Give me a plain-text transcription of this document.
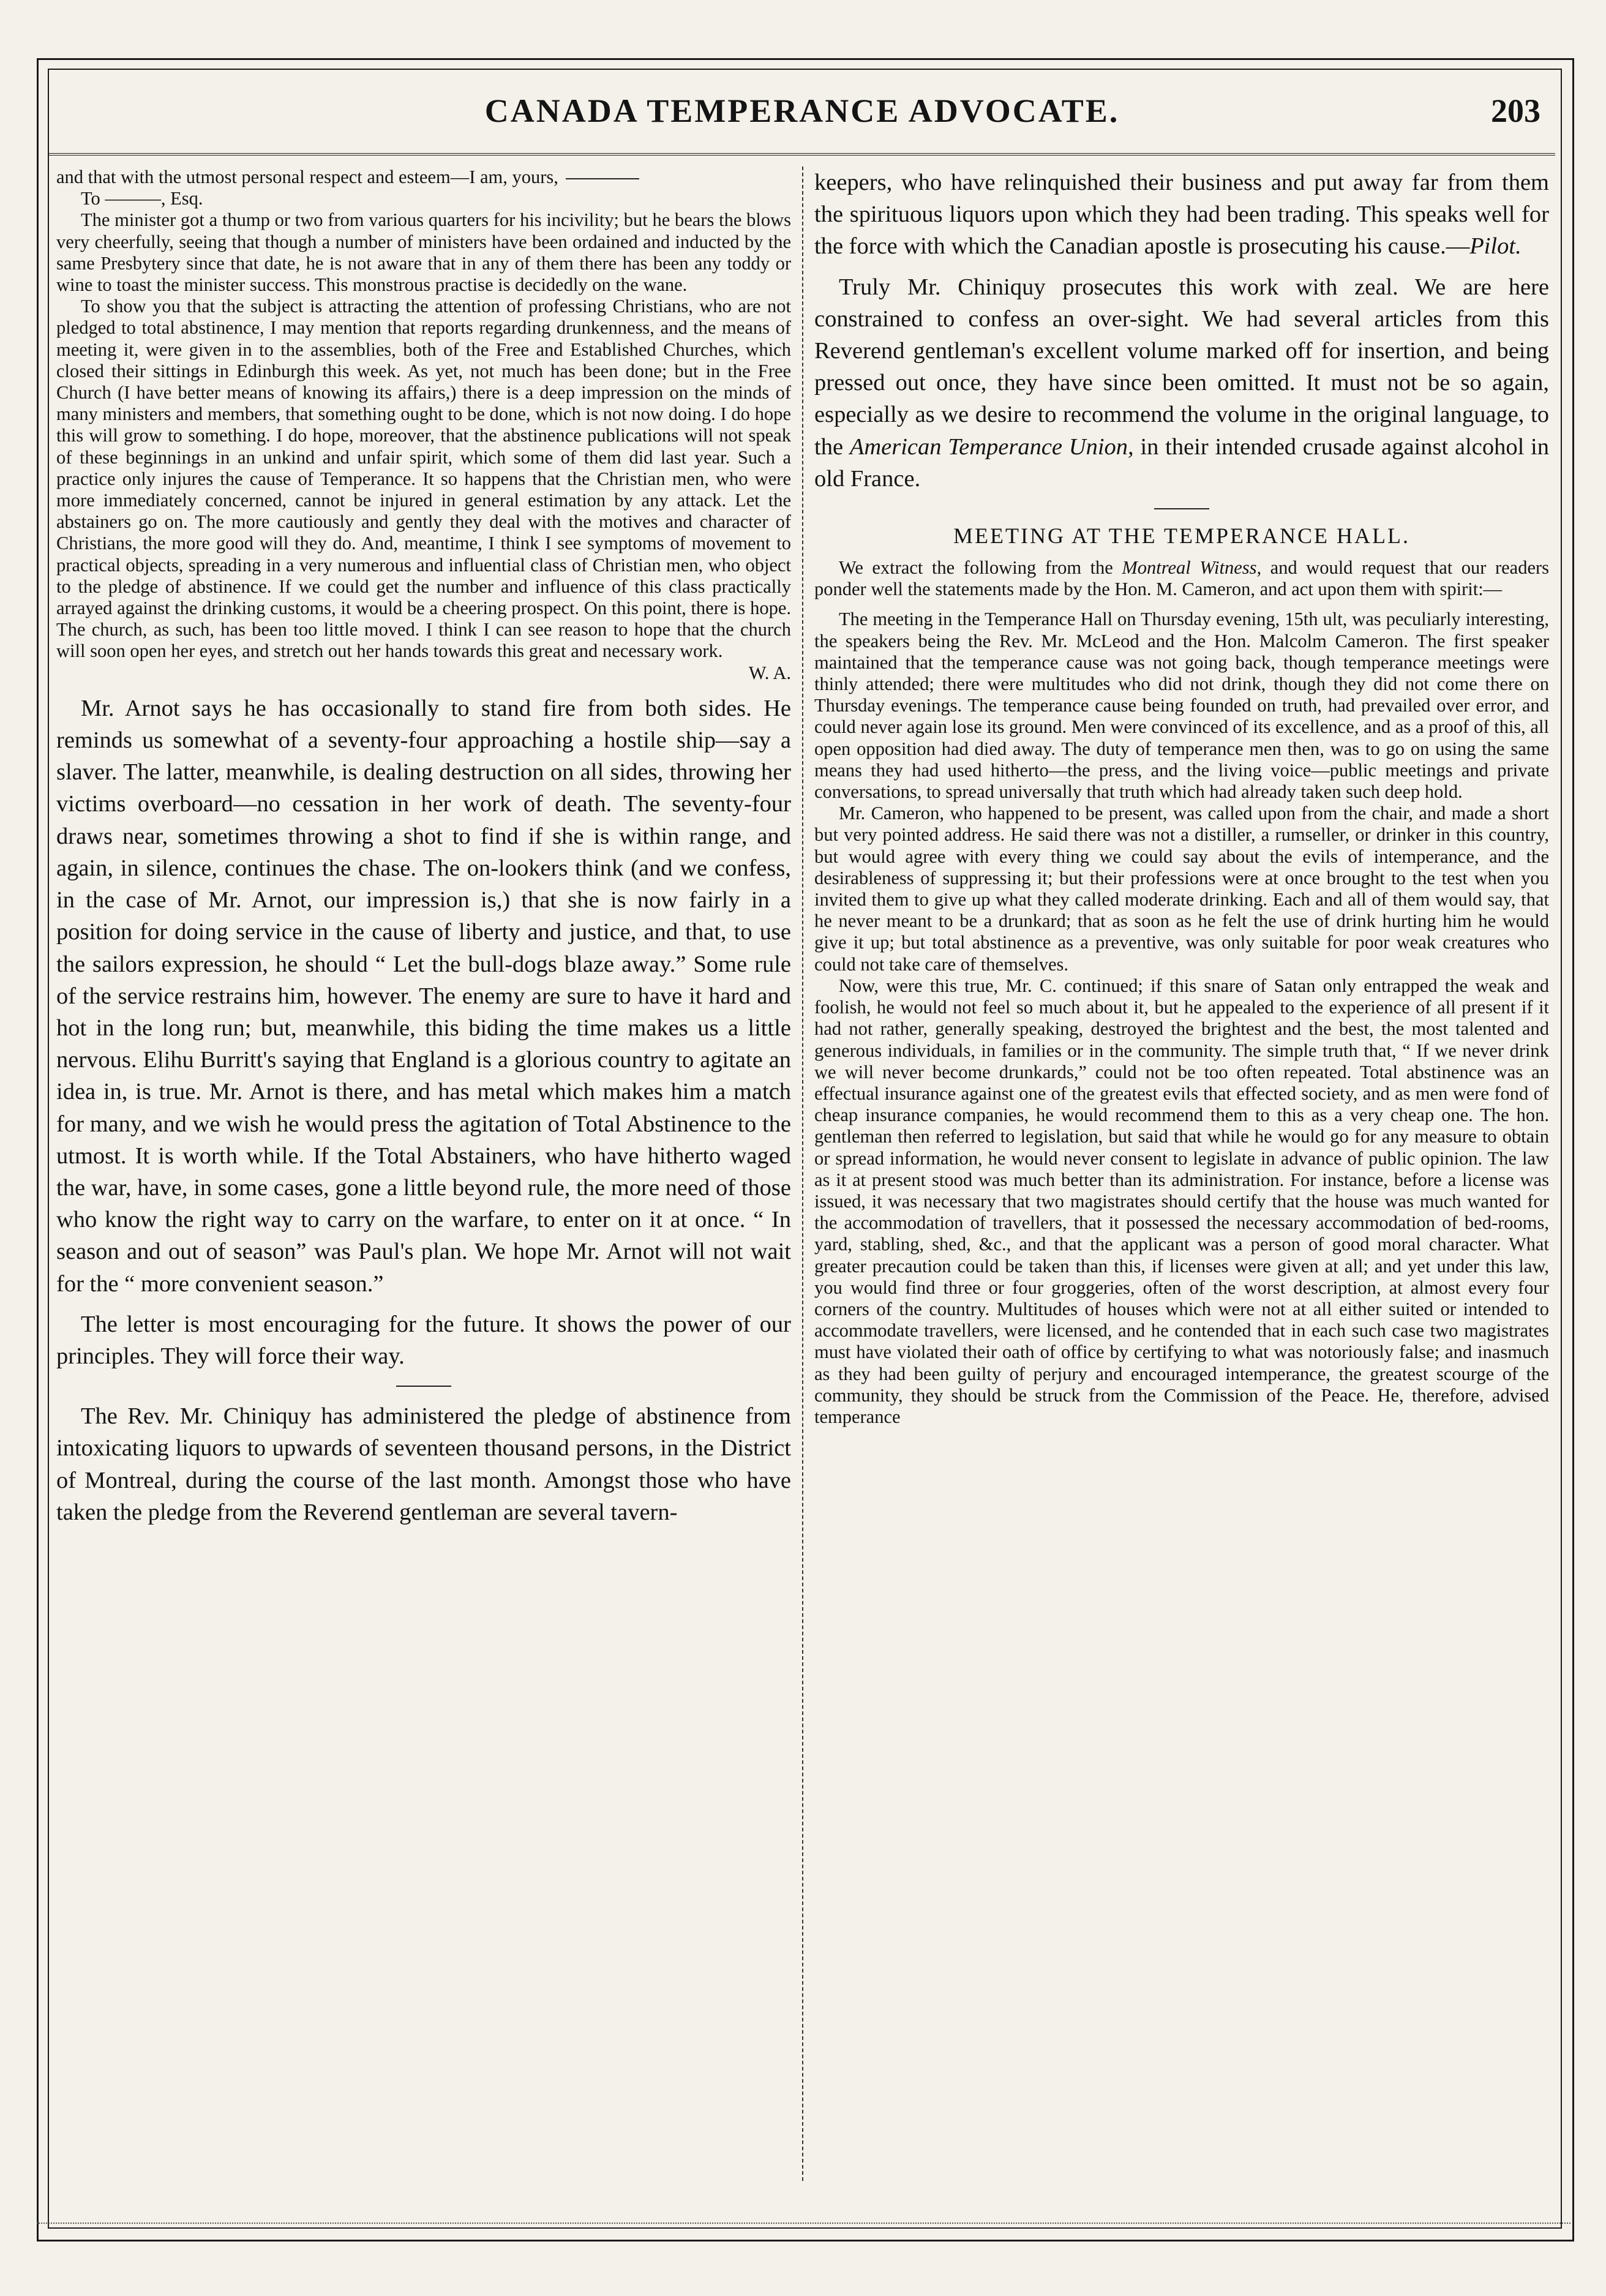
CANADA TEMPERANCE ADVOCATE.	203

and that with the utmost personal respect and esteem—I am, yours,

To ———, Esq.

The minister got a thump or two from various quarters for his incivility; but he bears the blows very cheerfully, seeing that though a number of ministers have been ordained and inducted by the same Presbytery since that date, he is not aware that in any of them there has been any toddy or wine to toast the minister success. This monstrous practise is decidedly on the wane.

To show you that the subject is attracting the attention of professing Christians, who are not pledged to total abstinence, I may mention that reports regarding drunkenness, and the means of meeting it, were given in to the assemblies, both of the Free and Established Churches, which closed their sittings in Edinburgh this week. As yet, not much has been done; but in the Free Church (I have better means of knowing its affairs,) there is a deep impression on the minds of many ministers and members, that something ought to be done, which is not now doing. I do hope this will grow to something. I do hope, moreover, that the abstinence publications will not speak of these beginnings in an unkind and unfair spirit, which some of them did last year. Such a practice only injures the cause of Temperance. It so happens that the Christian men, who were more immediately concerned, cannot be injured in general estimation by any attack. Let the abstainers go on. The more cautiously and gently they deal with the motives and character of Christians, the more good will they do. And, meantime, I think I see symptoms of movement to practical objects, spreading in a very numerous and influential class of Christian men, who object to the pledge of abstinence. If we could get the number and influence of this class practically arrayed against the drinking customs, it would be a cheering prospect. On this point, there is hope. The church, as such, has been too little moved. I think I can see reason to hope that the church will soon open her eyes, and stretch out her hands towards this great and necessary work.

W. A.

Mr. Arnot says he has occasionally to stand fire from both sides. He reminds us somewhat of a seventy-four approaching a hostile ship—say a slaver. The latter, meanwhile, is dealing destruction on all sides, throwing her victims overboard—no cessation in her work of death. The seventy-four draws near, sometimes throwing a shot to find if she is within range, and again, in silence, continues the chase. The on-lookers think (and we confess, in the case of Mr. Arnot, our impression is,) that she is now fairly in a position for doing service in the cause of liberty and justice, and that, to use the sailors expression, he should “ Let the bull-dogs blaze away.” Some rule of the service restrains him, however. The enemy are sure to have it hard and hot in the long run; but, meanwhile, this biding the time makes us a little nervous. Elihu Burritt's saying that England is a glorious country to agitate an idea in, is true. Mr. Arnot is there, and has metal which makes him a match for many, and we wish he would press the agitation of Total Abstinence to the utmost. It is worth while. If the Total Abstainers, who have hitherto waged the war, have, in some cases, gone a little beyond rule, the more need of those who know the right way to carry on the warfare, to enter on it at once. “ In season and out of season” was Paul's plan. We hope Mr. Arnot will not wait for the “ more convenient season.”

The letter is most encouraging for the future. It shows the power of our principles. They will force their way.

The Rev. Mr. Chiniquy has administered the pledge of abstinence from intoxicating liquors to upwards of seventeen thousand persons, in the District of Montreal, during the course of the last month. Amongst those who have taken the pledge from the Reverend gentleman are several tavern-

keepers, who have relinquished their business and put away far from them the spirituous liquors upon which they had been trading. This speaks well for the force with which the Canadian apostle is prosecuting his cause.—Pilot.

Truly Mr. Chiniquy prosecutes this work with zeal. We are here constrained to confess an over-sight. We had several articles from this Reverend gentleman's excellent volume marked off for insertion, and being pressed out once, they have since been omitted. It must not be so again, especially as we desire to recommend the volume in the original language, to the American Temperance Union, in their intended crusade against alcohol in old France.

MEETING AT THE TEMPERANCE HALL.

We extract the following from the Montreal Witness, and would request that our readers ponder well the statements made by the Hon. M. Cameron, and act upon them with spirit:—

The meeting in the Temperance Hall on Thursday evening, 15th ult, was peculiarly interesting, the speakers being the Rev. Mr. McLeod and the Hon. Malcolm Cameron. The first speaker maintained that the temperance cause was not going back, though temperance meetings were thinly attended; there were multitudes who did not drink, though they did not come there on Thursday evenings. The temperance cause being founded on truth, had prevailed over error, and could never again lose its ground. Men were convinced of its excellence, and as a proof of this, all open opposition had died away. The duty of temperance men then, was to go on using the same means they had used hitherto—the press, and the living voice—public meetings and private conversations, to spread universally that truth which had already taken such deep hold.

Mr. Cameron, who happened to be present, was called upon from the chair, and made a short but very pointed address. He said there was not a distiller, a rumseller, or drinker in this country, but would agree with every thing we could say about the evils of intemperance, and the desirableness of suppressing it; but their professions were at once brought to the test when you invited them to give up what they called moderate drinking. Each and all of them would say, that he never meant to be a drunkard; that as soon as he felt the use of drink hurting him he would give it up; but total abstinence as a preventive, was only suitable for poor weak creatures who could not take care of themselves.

Now, were this true, Mr. C. continued; if this snare of Satan only entrapped the weak and foolish, he would not feel so much about it, but he appealed to the experience of all present if it had not rather, generally speaking, destroyed the brightest and the best, the most talented and generous individuals, in families or in the community. The simple truth that, “ If we never drink we will never become drunkards,” could not be too often repeated. Total abstinence was an effectual insurance against one of the greatest evils that effected society, and as men were fond of cheap insurance companies, he would recommend them to this as a very cheap one. The hon. gentleman then referred to legislation, but said that while he would go for any measure to obtain or spread information, he would never consent to legislate in advance of public opinion. The law as it at present stood was much better than its administration. For instance, before a license was issued, it was necessary that two magistrates should certify that the house was much wanted for the accommodation of travellers, that it possessed the necessary accommodation of bed-rooms, yard, stabling, shed, &c., and that the applicant was a person of good moral character. What greater precaution could be taken than this, if licenses were given at all; and yet under this law, you would find three or four groggeries, often of the worst description, at almost every four corners of the country. Multitudes of houses which were not at all either suited or intended to accommodate travellers, were licensed, and he contended that in each such case two magistrates must have violated their oath of office by certifying to what was notoriously false; and inasmuch as they had been guilty of perjury and encouraged intemperance, the greatest scourge of the community, they should be struck from the Commission of the Peace. He, therefore, advised temperance
